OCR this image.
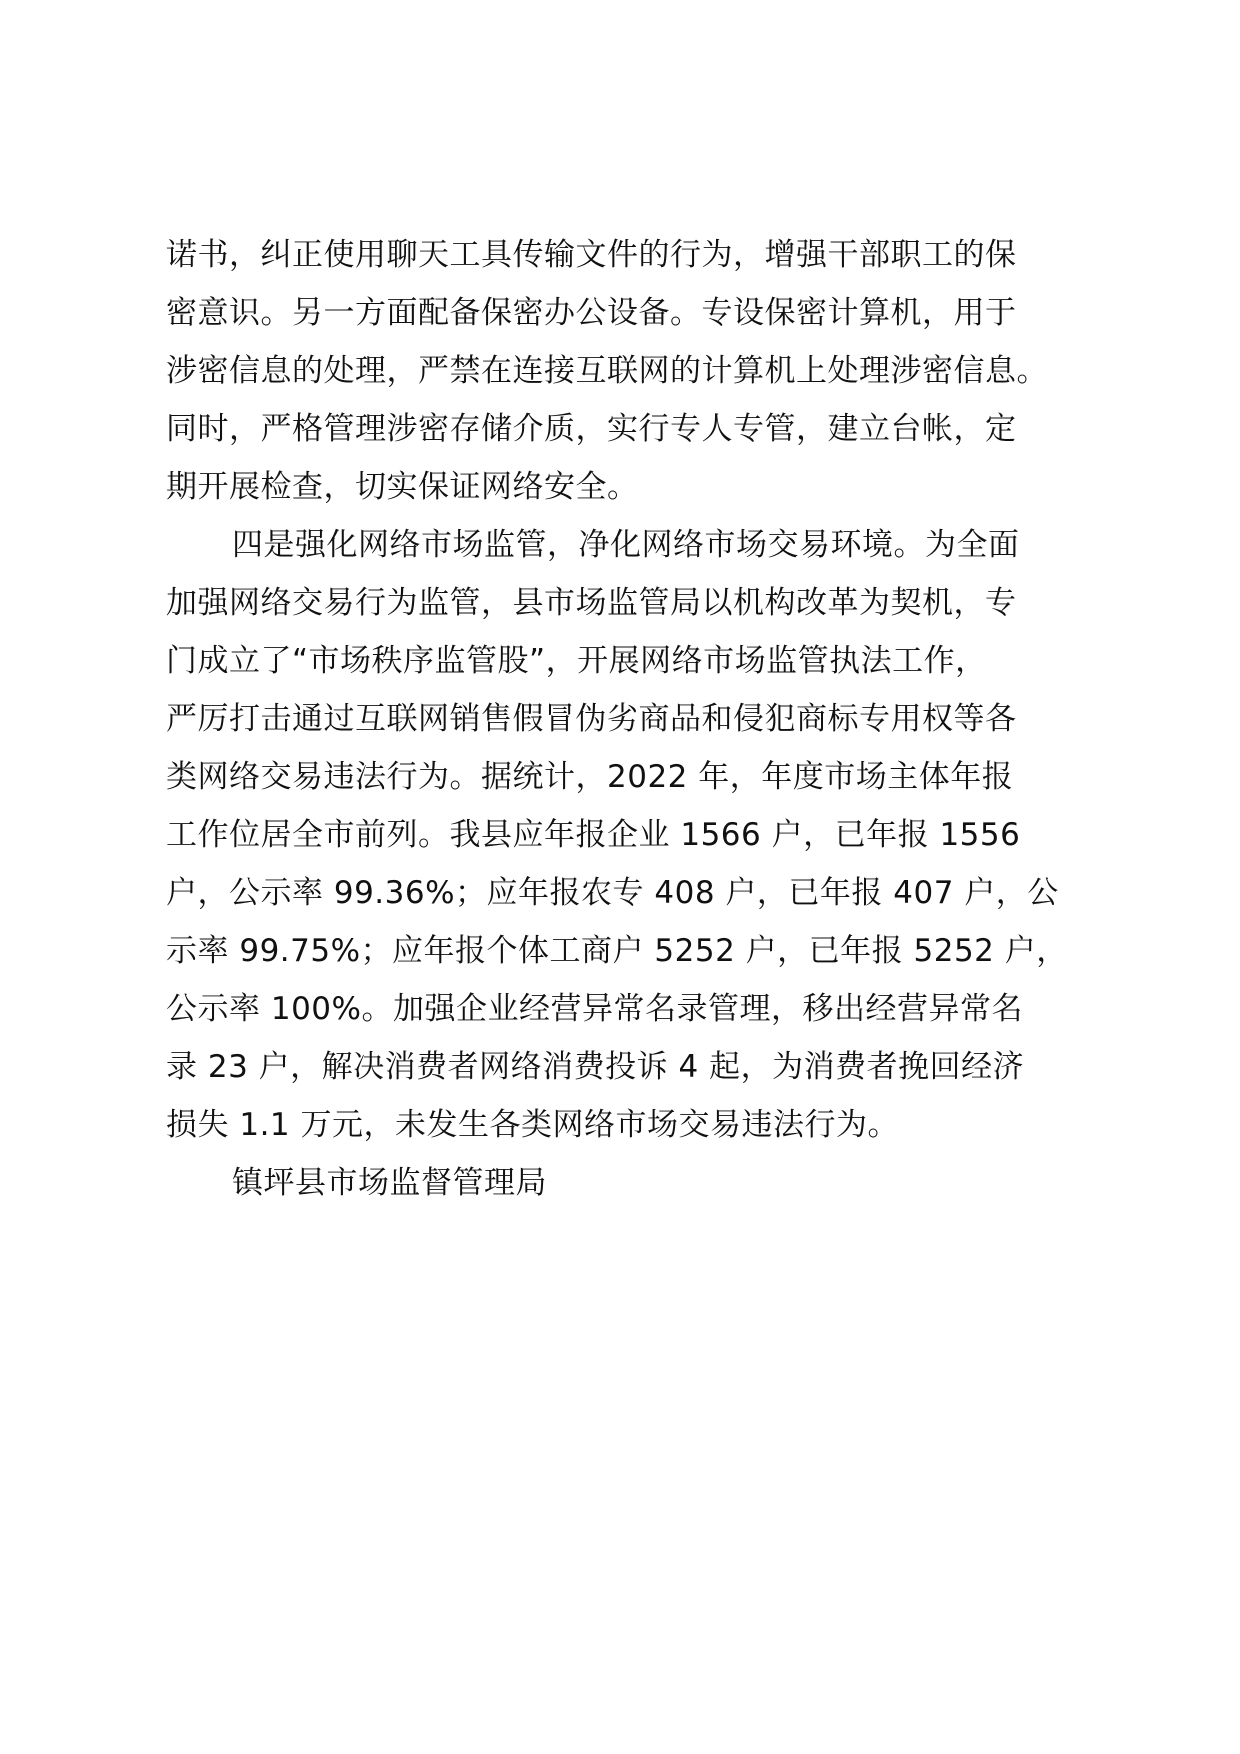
诺书，纠正使用聊天工具传输文件的行为，增强干部职工的保
密意识。另一方面配备保密办公设备。专设保密计算机，用于
涉密信息的处理，严禁在连接互联网的计算机上处理涉密信息。
同时，严格管理涉密存储介质，实行专人专管，建立台帐，定
期开展检查，切实保证网络安全。
四是强化网络市场监管，净化网络市场交易环境。为全面
加强网络交易行为监管，县市场监管局以机构改革为契机，专
门成立了“市场秩序监管股”，开展网络市场监管执法工作，
严厉打击通过互联网销售假冒伪劣商品和侵犯商标专用权等各
类网络交易违法行为。据统计，2022 年，年度市场主体年报
工作位居全市前列。我县应年报企业 1566 户，已年报 1556
户，公示率 99.36%；应年报农专 408 户，已年报 407 户，公
示率 99.75%；应年报个体工商户 5252 户，已年报 5252 户，
公示率 100%。加强企业经营异常名录管理，移出经营异常名
录 23 户，解决消费者网络消费投诉 4 起，为消费者挽回经济
损失 1.1 万元，未发生各类网络市场交易违法行为。
镇坪县市场监督管理局
